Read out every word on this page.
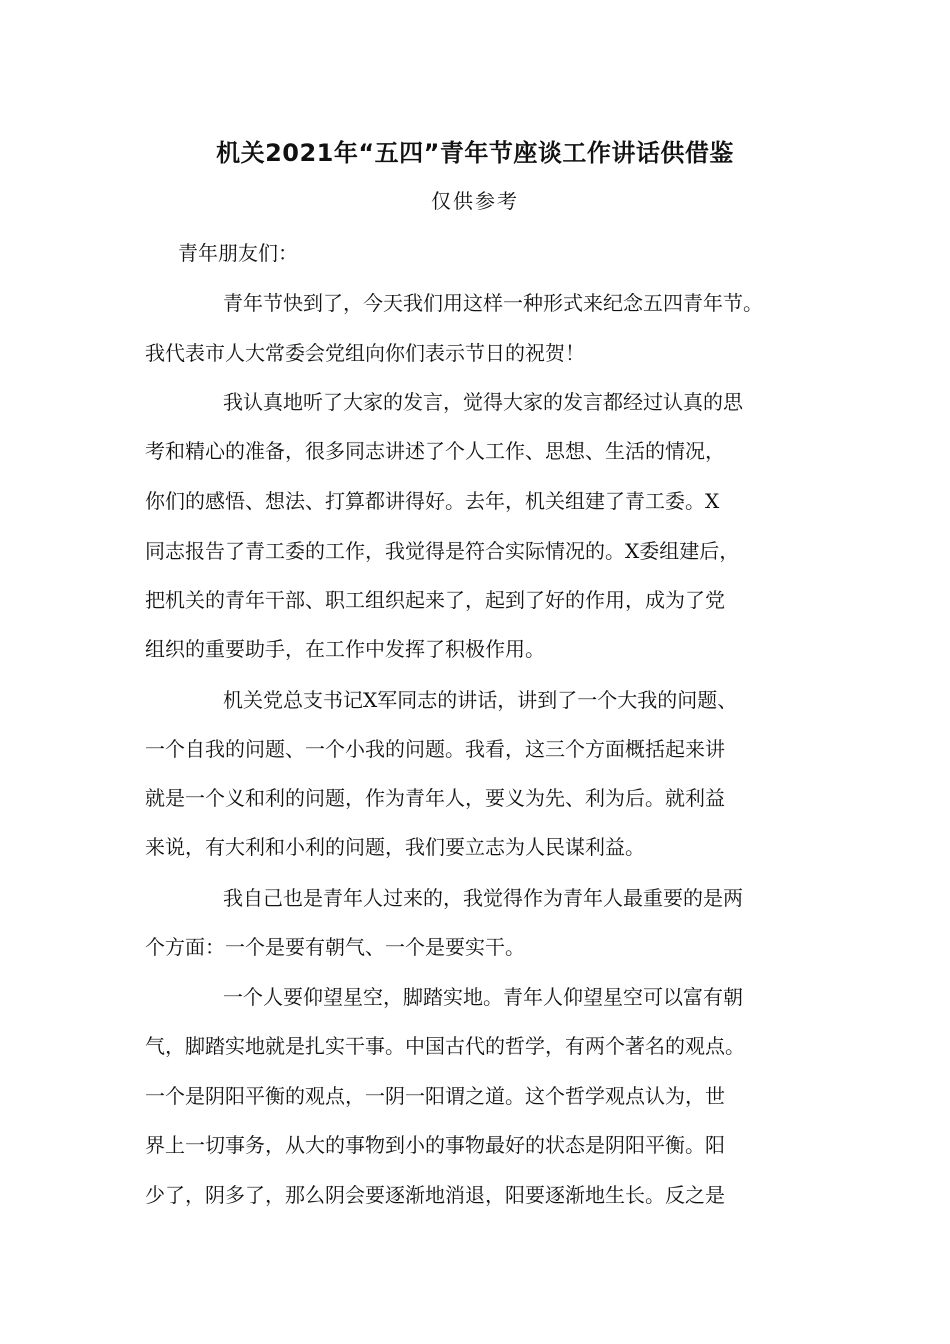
机关2021年“五四”青年节座谈工作讲话供借鉴
仅供参考
青年朋友们：
青年节快到了，今天我们用这样一种形式来纪念五四青年节。
我代表市人大常委会党组向你们表示节日的祝贺！
我认真地听了大家的发言，觉得大家的发言都经过认真的思
考和精心的准备，很多同志讲述了个人工作、思想、生活的情况，
你们的感悟、想法、打算都讲得好。去年，机关组建了青工委。X
同志报告了青工委的工作，我觉得是符合实际情况的。X委组建后，
把机关的青年干部、职工组织起来了，起到了好的作用，成为了党
组织的重要助手，在工作中发挥了积极作用。
机关党总支书记X军同志的讲话，讲到了一个大我的问题、
一个自我的问题、一个小我的问题。我看，这三个方面概括起来讲
就是一个义和利的问题，作为青年人，要义为先、利为后。就利益
来说，有大利和小利的问题，我们要立志为人民谋利益。
我自己也是青年人过来的，我觉得作为青年人最重要的是两
个方面：一个是要有朝气、一个是要实干。
一个人要仰望星空，脚踏实地。青年人仰望星空可以富有朝
气，脚踏实地就是扎实干事。中国古代的哲学，有两个著名的观点。
一个是阴阳平衡的观点，一阴一阳谓之道。这个哲学观点认为，世
界上一切事务，从大的事物到小的事物最好的状态是阴阳平衡。阳
少了，阴多了，那么阴会要逐渐地消退，阳要逐渐地生长。反之是
